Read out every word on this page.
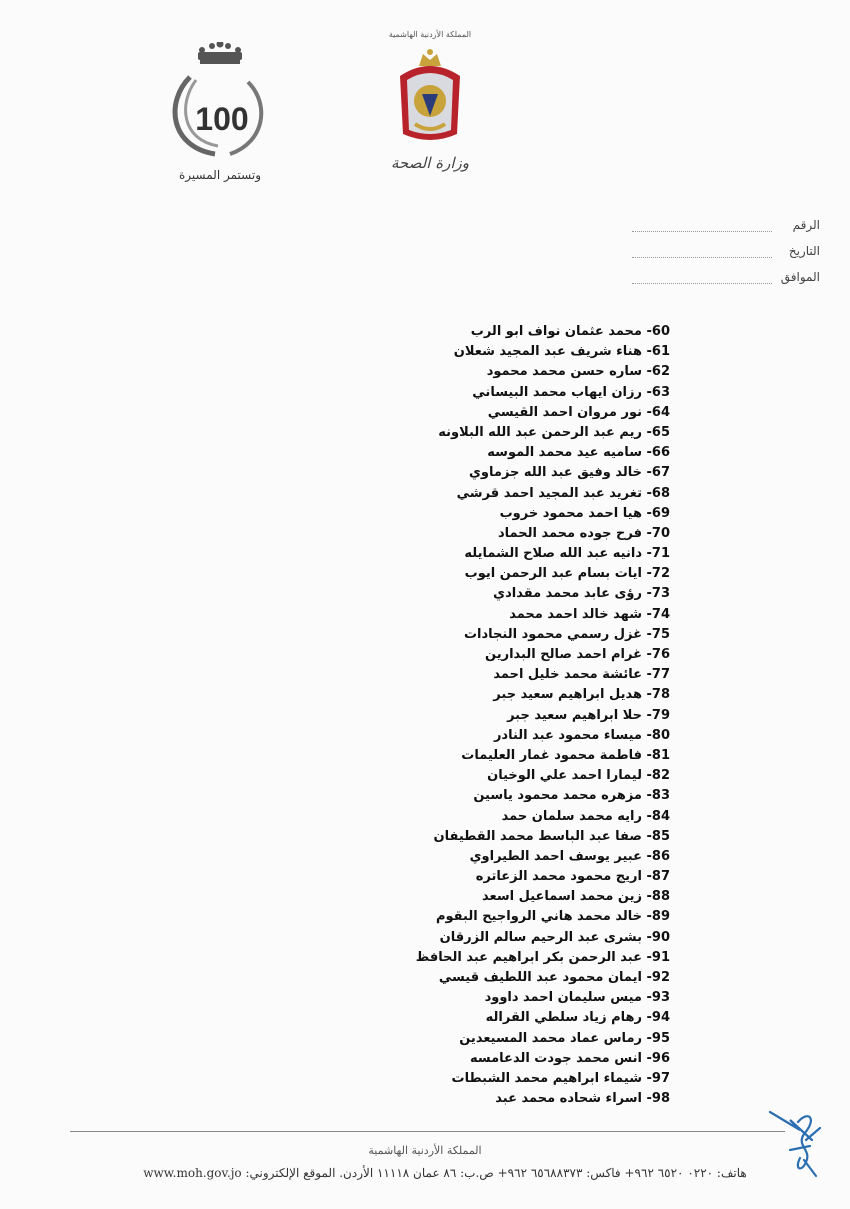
100
وتستمر المسيرة
المملكة الأردنية الهاشمية
وزارة الصحة
الرقم
التاريخ
الموافق
60- محمد عثمان نواف ابو الرب
61- هناء شريف عبد المجيد شعلان
62- ساره حسن محمد محمود
63- رزان ايهاب محمد البيساني
64- نور مروان احمد القيسي
65- ريم عبد الرحمن عبد الله البلاونه
66- ساميه عيد محمد الموسه
67- خالد وفيق عبد الله جزماوي
68- تغريد عبد المجيد احمد قرشي
69- هيا احمد محمود خروب
70- فرح جوده محمد الحماد
71- دانيه عبد الله صلاح الشمايله
72- ايات بسام عبد الرحمن ايوب
73- رؤى عابد محمد مقدادي
74- شهد خالد احمد محمد
75- غزل رسمي محمود النجادات
76- غرام احمد صالح البدارين
77- عائشة محمد خليل احمد
78- هديل ابراهيم سعيد جبر
79- حلا ابراهيم سعيد جبر
80- ميساء محمود عبد النادر
81- فاطمة محمود غمار العليمات
82- ليمارا احمد علي الوخيان
83- مزهره محمد محمود ياسين
84- رايه محمد سلمان حمد
85- صفا عبد الباسط محمد القطيفان
86- عبير يوسف احمد الطيراوي
87- اريج محمود محمد الزعاتره
88- زين محمد اسماعيل اسعد
89- خالد محمد هاني الرواجيح البقوم
90- بشرى عبد الرحيم سالم الزرقان
91- عبد الرحمن بكر ابراهيم عبد الحافظ
92- ايمان محمود عبد اللطيف قيسي
93- ميس سليمان احمد داوود
94- رهام زياد سلطي القراله
95- رماس عماد محمد المسيعدين
96- انس محمد جودت الدعامسه
97- شيماء ابراهيم محمد الشبطات
98- اسراء شحاده محمد عبد
المملكة الأردنية الهاشمية
هاتف: ٠٢٢٠ ٦٥٢٠ ٩٦٢+ فاكس: ٦٥٦٨٨٣٧٣ ٩٦٢+ ص.ب: ٨٦ عمان ١١١١٨ الأردن. الموقع الإلكتروني: www.moh.gov.jo
